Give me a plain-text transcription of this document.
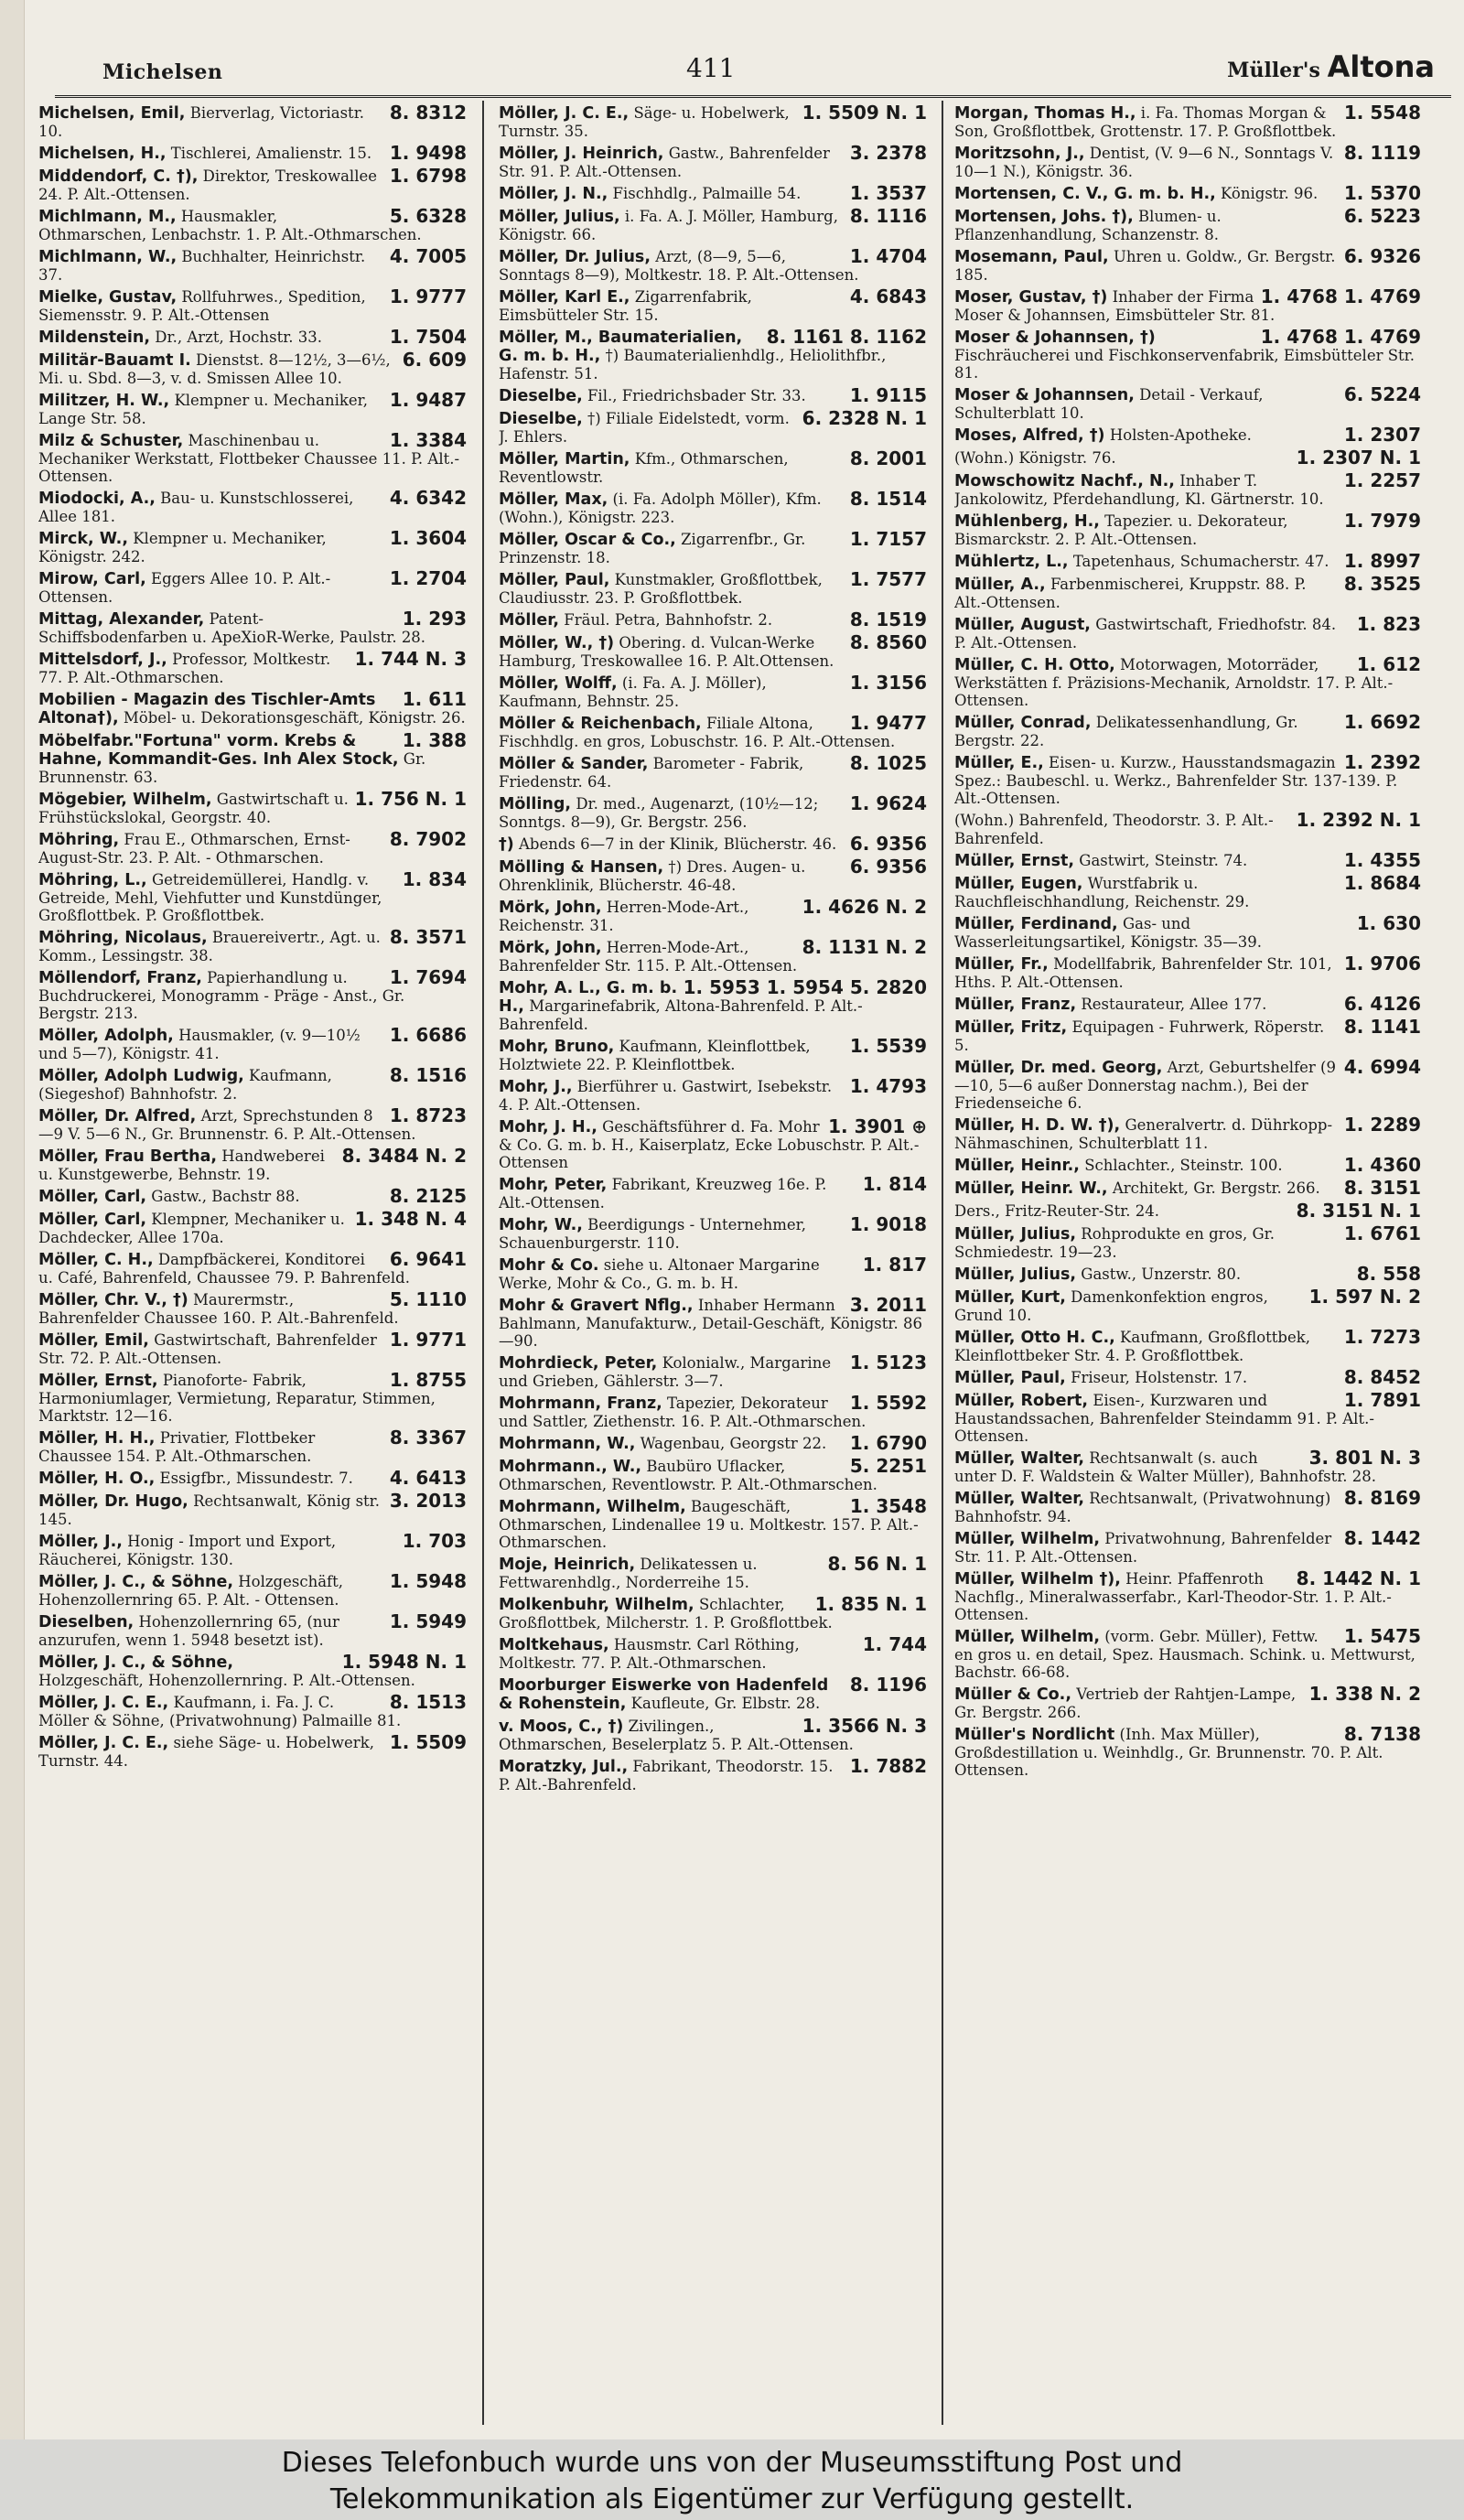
Michelsen	411	Müller's Altona
8. 8312
Michelsen, Emil, Bierverlag, Victoriastr. 10.
1. 9498
Michelsen, H., Tischlerei, Amalienstr. 15.
1. 6798
Middendorf, C. †), Direktor, Treskowallee 24. P. Alt.-Ottensen.
5. 6328
Michlmann, M., Hausmakler, Othmarschen, Lenbachstr. 1. P. Alt.-Othmarschen.
4. 7005
Michlmann, W., Buchhalter, Heinrichstr. 37.
1. 9777
Mielke, Gustav, Rollfuhrwes., Spedition, Siemensstr. 9. P. Alt.-Ottensen
1. 7504
Mildenstein, Dr., Arzt, Hochstr. 33.
6. 609
Militär-Bauamt I. Dienstst. 8—12½, 3—6½, Mi. u. Sbd. 8—3, v. d. Smissen Allee 10.
1. 9487
Militzer, H. W., Klempner u. Mechaniker, Lange Str. 58.
1. 3384
Milz & Schuster, Maschinenbau u. Mechaniker Werkstatt, Flottbeker Chaussee 11. P. Alt.-Ottensen.
4. 6342
Miodocki, A., Bau- u. Kunstschlosserei, Allee 181.
1. 3604
Mirck, W., Klempner u. Mechaniker, Königstr. 242.
1. 2704
Mirow, Carl, Eggers Allee 10. P. Alt.-Ottensen.
1. 293
Mittag, Alexander, Patent-Schiffsbodenfarben u. ApeXioR-Werke, Paulstr. 28.
1. 744 N. 3
Mittelsdorf, J., Professor, Moltkestr. 77. P. Alt.-Othmarschen.
1. 611
Mobilien - Magazin des Tischler-Amts Altona†), Möbel- u. Dekorationsgeschäft, Königstr. 26.
1. 388
Möbelfabr."Fortuna" vorm. Krebs & Hahne, Kommandit-Ges. Inh Alex Stock, Gr. Brunnenstr. 63.
1. 756 N. 1
Mögebier, Wilhelm, Gastwirtschaft u. Frühstückslokal, Georgstr. 40.
8. 7902
Möhring, Frau E., Othmarschen, Ernst-August-Str. 23. P. Alt. - Othmarschen.
1. 834
Möhring, L., Getreidemüllerei, Handlg. v. Getreide, Mehl, Viehfutter und Kunstdünger, Großflottbek. P. Großflottbek.
8. 3571
Möhring, Nicolaus, Brauereivertr., Agt. u. Komm., Lessingstr. 38.
1. 7694
Möllendorf, Franz, Papierhandlung u. Buchdruckerei, Monogramm - Präge - Anst., Gr. Bergstr. 213.
1. 6686
Möller, Adolph, Hausmakler, (v. 9—10½ und 5—7), Königstr. 41.
8. 1516
Möller, Adolph Ludwig, Kaufmann, (Siegeshof) Bahnhofstr. 2.
1. 8723
Möller, Dr. Alfred, Arzt, Sprechstunden 8—9 V. 5—6 N., Gr. Brunnenstr. 6. P. Alt.-Ottensen.
8. 3484 N. 2
Möller, Frau Bertha, Handweberei u. Kunstgewerbe, Behnstr. 19.
8. 2125
Möller, Carl, Gastw., Bachstr 88.
1. 348 N. 4
Möller, Carl, Klempner, Mechaniker u. Dachdecker, Allee 170a.
6. 9641
Möller, C. H., Dampfbäckerei, Konditorei u. Café, Bahrenfeld, Chaussee 79. P. Bahrenfeld.
5. 1110
Möller, Chr. V., †) Maurermstr., Bahrenfelder Chaussee 160. P. Alt.-Bahrenfeld.
1. 9771
Möller, Emil, Gastwirtschaft, Bahrenfelder Str. 72. P. Alt.-Ottensen.
1. 8755
Möller, Ernst, Pianoforte- Fabrik, Harmoniumlager, Vermietung, Reparatur, Stimmen, Marktstr. 12—16.
8. 3367
Möller, H. H., Privatier, Flottbeker Chaussee 154. P. Alt.-Othmarschen.
4. 6413
Möller, H. O., Essigfbr., Missundestr. 7.
3. 2013
Möller, Dr. Hugo, Rechtsanwalt, König str. 145.
1. 703
Möller, J., Honig - Import und Export, Räucherei, Königstr. 130.
1. 5948
Möller, J. C., & Söhne, Holzgeschäft, Hohenzollernring 65. P. Alt. - Ottensen.
1. 5949
Dieselben, Hohenzollernring 65, (nur anzurufen, wenn 1. 5948 besetzt ist).
1. 5948 N. 1
Möller, J. C., & Söhne, Holzgeschäft, Hohenzollernring. P. Alt.-Ottensen.
8. 1513
Möller, J. C. E., Kaufmann, i. Fa. J. C. Möller & Söhne, (Privatwohnung) Palmaille 81.
1. 5509
Möller, J. C. E., siehe Säge- u. Hobelwerk, Turnstr. 44.
1. 5509 N. 1
Möller, J. C. E., Säge- u. Hobelwerk, Turnstr. 35.
3. 2378
Möller, J. Heinrich, Gastw., Bahrenfelder Str. 91. P. Alt.-Ottensen.
1. 3537
Möller, J. N., Fischhdlg., Palmaille 54.
8. 1116
Möller, Julius, i. Fa. A. J. Möller, Hamburg, Königstr. 66.
1. 4704
Möller, Dr. Julius, Arzt, (8—9, 5—6, Sonntags 8—9), Moltkestr. 18. P. Alt.-Ottensen.
4. 6843
Möller, Karl E., Zigarrenfabrik, Eimsbütteler Str. 15.
8. 1161 8. 1162
Möller, M., Baumaterialien, G. m. b. H., †) Baumaterialienhdlg., Heliolithfbr., Hafenstr. 51.
1. 9115
Dieselbe, Fil., Friedrichsbader Str. 33.
6. 2328 N. 1
Dieselbe, †) Filiale Eidelstedt, vorm. J. Ehlers.
8. 2001
Möller, Martin, Kfm., Othmarschen, Reventlowstr.
8. 1514
Möller, Max, (i. Fa. Adolph Möller), Kfm. (Wohn.), Königstr. 223.
1. 7157
Möller, Oscar & Co., Zigarrenfbr., Gr. Prinzenstr. 18.
1. 7577
Möller, Paul, Kunstmakler, Großflottbek, Claudiusstr. 23. P. Großflottbek.
8. 1519
Möller, Fräul. Petra, Bahnhofstr. 2.
8. 8560
Möller, W., †) Obering. d. Vulcan-Werke Hamburg, Treskowallee 16. P. Alt.Ottensen.
1. 3156
Möller, Wolff, (i. Fa. A. J. Möller), Kaufmann, Behnstr. 25.
1. 9477
Möller & Reichenbach, Filiale Altona, Fischhdlg. en gros, Lobuschstr. 16. P. Alt.-Ottensen.
8. 1025
Möller & Sander, Barometer - Fabrik, Friedenstr. 64.
1. 9624
Mölling, Dr. med., Augenarzt, (10½—12; Sonntgs. 8—9), Gr. Bergstr. 256.
6. 9356
†) Abends 6—7 in der Klinik, Blücherstr. 46.
6. 9356
Mölling & Hansen, †) Dres. Augen- u. Ohrenklinik, Blücherstr. 46-48.
1. 4626 N. 2
Mörk, John, Herren-Mode-Art., Reichenstr. 31.
8. 1131 N. 2
Mörk, John, Herren-Mode-Art., Bahrenfelder Str. 115. P. Alt.-Ottensen.
1. 5953 1. 5954 5. 2820
Mohr, A. L., G. m. b. H., Margarinefabrik, Altona-Bahrenfeld. P. Alt.-Bahrenfeld.
1. 5539
Mohr, Bruno, Kaufmann, Kleinflottbek, Holztwiete 22. P. Kleinflottbek.
1. 4793
Mohr, J., Bierführer u. Gastwirt, Isebekstr. 4. P. Alt.-Ottensen.
1. 3901 ⊕
Mohr, J. H., Geschäftsführer d. Fa. Mohr & Co. G. m. b. H., Kaiserplatz, Ecke Lobuschstr. P. Alt.-Ottensen
1. 814
Mohr, Peter, Fabrikant, Kreuzweg 16e. P. Alt.-Ottensen.
1. 9018
Mohr, W., Beerdigungs - Unternehmer, Schauenburgerstr. 110.
1. 817
Mohr & Co. siehe u. Altonaer Margarine Werke, Mohr & Co., G. m. b. H.
3. 2011
Mohr & Gravert Nflg., Inhaber Hermann Bahlmann, Manufakturw., Detail-Geschäft, Königstr. 86—90.
1. 5123
Mohrdieck, Peter, Kolonialw., Margarine und Grieben, Gählerstr. 3—7.
1. 5592
Mohrmann, Franz, Tapezier, Dekorateur und Sattler, Ziethenstr. 16. P. Alt.-Othmarschen.
1. 6790
Mohrmann, W., Wagenbau, Georgstr 22.
5. 2251
Mohrmann., W., Baubüro Uflacker, Othmarschen, Reventlowstr. P. Alt.-Othmarschen.
1. 3548
Mohrmann, Wilhelm, Baugeschäft, Othmarschen, Lindenallee 19 u. Moltkestr. 157. P. Alt.-Othmarschen.
8. 56 N. 1
Moje, Heinrich, Delikatessen u. Fettwarenhdlg., Norderreihe 15.
1. 835 N. 1
Molkenbuhr, Wilhelm, Schlachter, Großflottbek, Milcherstr. 1. P. Großflottbek.
1. 744
Moltkehaus, Hausmstr. Carl Röthing, Moltkestr. 77. P. Alt.-Othmarschen.
8. 1196
Moorburger Eiswerke von Hadenfeld & Rohenstein, Kaufleute, Gr. Elbstr. 28.
1. 3566 N. 3
v. Moos, C., †) Zivilingen., Othmarschen, Beselerplatz 5. P. Alt.-Ottensen.
1. 7882
Moratzky, Jul., Fabrikant, Theodorstr. 15. P. Alt.-Bahrenfeld.
1. 5548
Morgan, Thomas H., i. Fa. Thomas Morgan & Son, Großflottbek, Grottenstr. 17. P. Großflottbek.
8. 1119
Moritzsohn, J., Dentist, (V. 9—6 N., Sonntags V. 10—1 N.), Königstr. 36.
1. 5370
Mortensen, C. V., G. m. b. H., Königstr. 96.
6. 5223
Mortensen, Johs. †), Blumen- u. Pflanzenhandlung, Schanzenstr. 8.
6. 9326
Mosemann, Paul, Uhren u. Goldw., Gr. Bergstr. 185.
1. 4768 1. 4769
Moser, Gustav, †) Inhaber der Firma Moser & Johannsen, Eimsbütteler Str. 81.
1. 4768 1. 4769
Moser & Johannsen, †) Fischräucherei und Fischkonservenfabrik, Eimsbütteler Str. 81.
6. 5224
Moser & Johannsen, Detail - Verkauf, Schulterblatt 10.
1. 2307
Moses, Alfred, †) Holsten-Apotheke.
1. 2307 N. 1
(Wohn.) Königstr. 76.
1. 2257
Mowschowitz Nachf., N., Inhaber T. Jankolowitz, Pferdehandlung, Kl. Gärtnerstr. 10.
1. 7979
Mühlenberg, H., Tapezier. u. Dekorateur, Bismarckstr. 2. P. Alt.-Ottensen.
1. 8997
Mühlertz, L., Tapetenhaus, Schumacherstr. 47.
8. 3525
Müller, A., Farbenmischerei, Kruppstr. 88. P. Alt.-Ottensen.
1. 823
Müller, August, Gastwirtschaft, Friedhofstr. 84. P. Alt.-Ottensen.
1. 612
Müller, C. H. Otto, Motorwagen, Motorräder, Werkstätten f. Präzisions-Mechanik, Arnoldstr. 17. P. Alt.-Ottensen.
1. 6692
Müller, Conrad, Delikatessenhandlung, Gr. Bergstr. 22.
1. 2392
Müller, E., Eisen- u. Kurzw., Hausstandsmagazin Spez.: Baubeschl. u. Werkz., Bahrenfelder Str. 137-139. P. Alt.-Ottensen.
1. 2392 N. 1
(Wohn.) Bahrenfeld, Theodorstr. 3. P. Alt.-Bahrenfeld.
1. 4355
Müller, Ernst, Gastwirt, Steinstr. 74.
1. 8684
Müller, Eugen, Wurstfabrik u. Rauchfleischhandlung, Reichenstr. 29.
1. 630
Müller, Ferdinand, Gas- und Wasserleitungsartikel, Königstr. 35—39.
1. 9706
Müller, Fr., Modellfabrik, Bahrenfelder Str. 101, Hths. P. Alt.-Ottensen.
6. 4126
Müller, Franz, Restaurateur, Allee 177.
8. 1141
Müller, Fritz, Equipagen - Fuhrwerk, Röperstr. 5.
4. 6994
Müller, Dr. med. Georg, Arzt, Geburtshelfer (9—10, 5—6 außer Donnerstag nachm.), Bei der Friedenseiche 6.
1. 2289
Müller, H. D. W. †), Generalvertr. d. Dührkopp-Nähmaschinen, Schulterblatt 11.
1. 4360
Müller, Heinr., Schlachter., Steinstr. 100.
8. 3151
Müller, Heinr. W., Architekt, Gr. Bergstr. 266.
8. 3151 N. 1
Ders., Fritz-Reuter-Str. 24.
1. 6761
Müller, Julius, Rohprodukte en gros, Gr. Schmiedestr. 19—23.
8. 558
Müller, Julius, Gastw., Unzerstr. 80.
1. 597 N. 2
Müller, Kurt, Damenkonfektion engros, Grund 10.
1. 7273
Müller, Otto H. C., Kaufmann, Großflottbek, Kleinflottbeker Str. 4. P. Großflottbek.
8. 8452
Müller, Paul, Friseur, Holstenstr. 17.
1. 7891
Müller, Robert, Eisen-, Kurzwaren und Haustandssachen, Bahrenfelder Steindamm 91. P. Alt.-Ottensen.
3. 801 N. 3
Müller, Walter, Rechtsanwalt (s. auch unter D. F. Waldstein & Walter Müller), Bahnhofstr. 28.
8. 8169
Müller, Walter, Rechtsanwalt, (Privatwohnung) Bahnhofstr. 94.
8. 1442
Müller, Wilhelm, Privatwohnung, Bahrenfelder Str. 11. P. Alt.-Ottensen.
8. 1442 N. 1
Müller, Wilhelm †), Heinr. Pfaffenroth Nachflg., Mineralwasserfabr., Karl-Theodor-Str. 1. P. Alt.-Ottensen.
1. 5475
Müller, Wilhelm, (vorm. Gebr. Müller), Fettw. en gros u. en detail, Spez. Hausmach. Schink. u. Mettwurst, Bachstr. 66-68.
1. 338 N. 2
Müller & Co., Vertrieb der Rahtjen-Lampe, Gr. Bergstr. 266.
8. 7138
Müller's Nordlicht (Inh. Max Müller), Großdestillation u. Weinhdlg., Gr. Brunnenstr. 70. P. Alt. Ottensen.
Dieses Telefonbuch wurde uns von der Museumsstiftung Post und
Telekommunikation als Eigentümer zur Verfügung gestellt.
